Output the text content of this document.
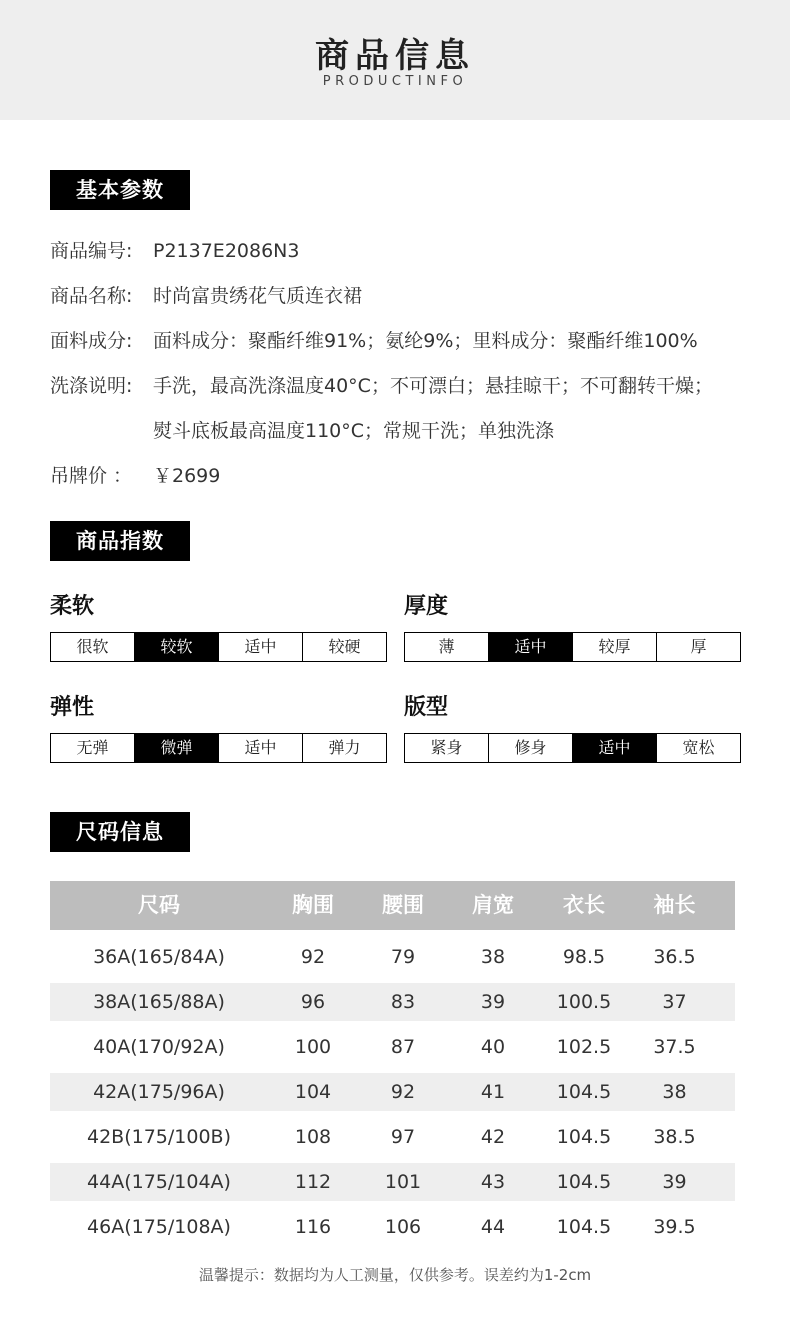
商品信息
PRODUCTINFO
基本参数
商品编号: P2137E2086N3
商品名称: 时尚富贵绣花气质连衣裙
面料成分: 面料成分：聚酯纤维91%；氨纶9%；里料成分：聚酯纤维100%
洗涤说明: 手洗，最高洗涤温度40°C；不可漂白；悬挂晾干；不可翻转干燥；
熨斗底板最高温度110°C；常规干洗；单独洗涤
吊牌价 ： ￥2699
商品指数
柔软
很软	较软	适中	较硬
厚度
薄	适中	较厚	厚
弹性
无弹	微弹	适中	弹力
版型
紧身	修身	适中	宽松
尺码信息
尺码	胸围	腰围	肩宽	衣长	袖长
36A(165/84A)	92	79	38	98.5	36.5
38A(165/88A)	96	83	39	100.5	37
40A(170/92A)	100	87	40	102.5	37.5
42A(175/96A)	104	92	41	104.5	38
42B(175/100B)	108	97	42	104.5	38.5
44A(175/104A)	112	101	43	104.5	39
46A(175/108A)	116	106	44	104.5	39.5
温馨提示：数据均为人工测量，仅供参考。误差约为1-2cm
